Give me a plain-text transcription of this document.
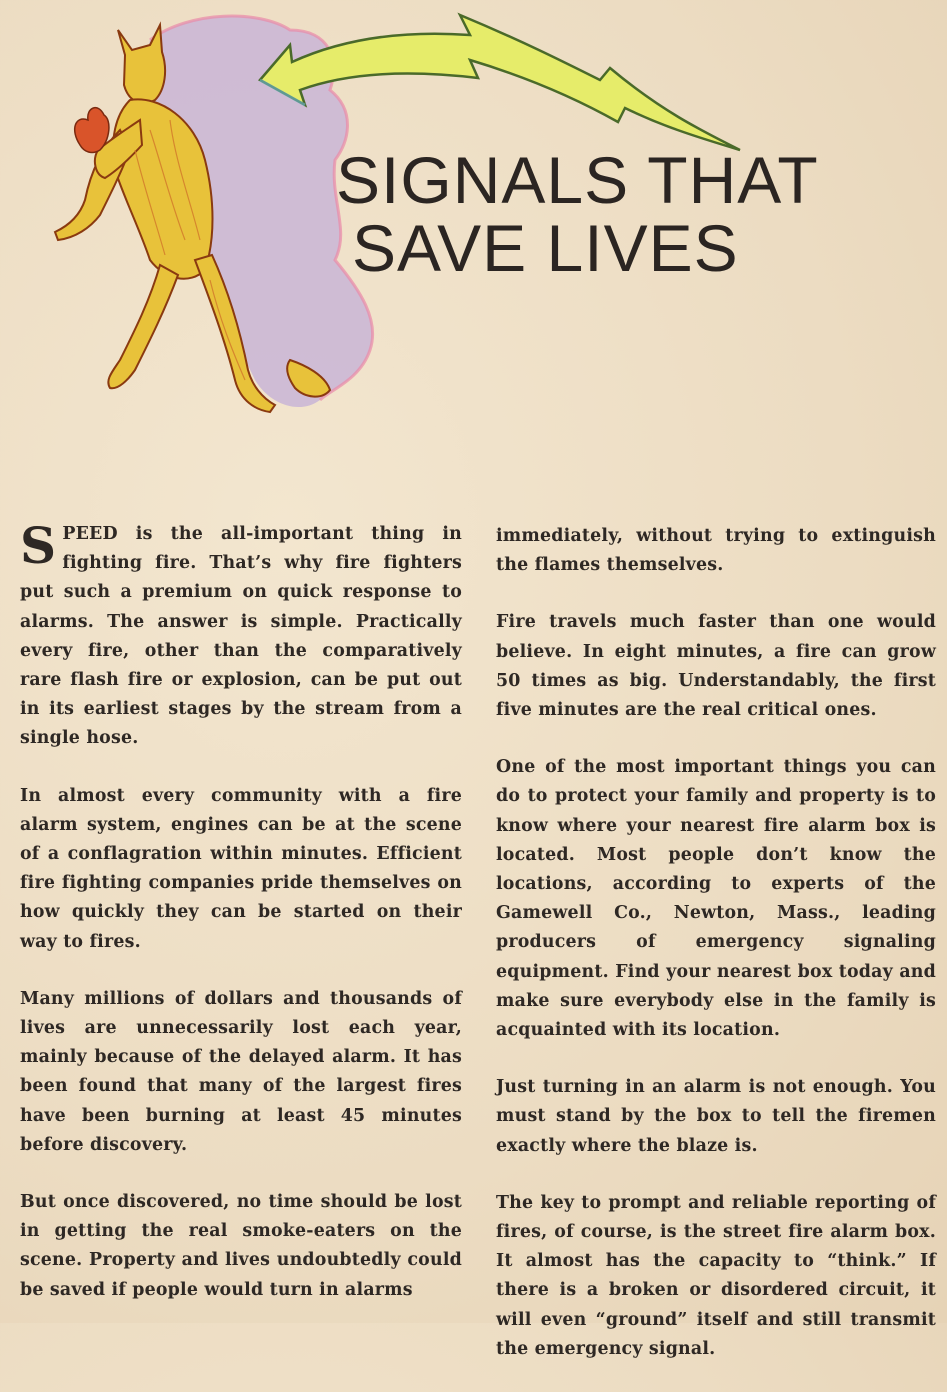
SIGNALS THAT

SAVE LIVES

SPEED is the all-important thing in fighting fire. That’s why fire fighters put such a premium on quick response to alarms. The answer is simple. Practically every fire, other than the comparatively rare flash fire or explosion, can be put out in its earliest stages by the stream from a single hose.

In almost every community with a fire alarm system, engines can be at the scene of a conflagration within minutes. Efficient fire fighting companies pride themselves on how quickly they can be started on their way to fires.

Many millions of dollars and thousands of lives are unnecessarily lost each year, mainly because of the delayed alarm. It has been found that many of the largest fires have been burning at least 45 minutes before discovery.

But once discovered, no time should be lost in getting the real smoke-eaters on the scene. Property and lives undoubtedly could be saved if people would turn in alarms

immediately, without trying to extinguish the flames themselves.

Fire travels much faster than one would believe. In eight minutes, a fire can grow 50 times as big. Understandably, the first five minutes are the real critical ones.

One of the most important things you can do to protect your family and property is to know where your nearest fire alarm box is located. Most people don’t know the locations, according to experts of the Gamewell Co., Newton, Mass., leading producers of emergency signaling equipment. Find your nearest box today and make sure everybody else in the family is acquainted with its location.

Just turning in an alarm is not enough. You must stand by the box to tell the firemen exactly where the blaze is.

The key to prompt and reliable reporting of fires, of course, is the street fire alarm box. It almost has the capacity to “think.” If there is a broken or disordered circuit, it will even “ground” itself and still transmit the emergency signal.
